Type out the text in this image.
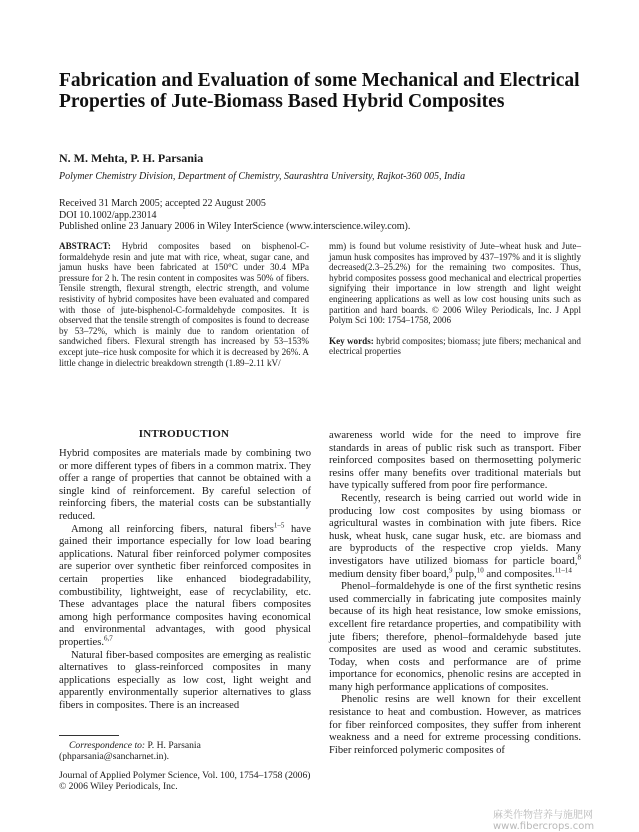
Fabrication and Evaluation of some Mechanical and Electrical Properties of Jute-Biomass Based Hybrid Composites
N. M. Mehta, P. H. Parsania
Polymer Chemistry Division, Department of Chemistry, Saurashtra University, Rajkot-360 005, India
Received 31 March 2005; accepted 22 August 2005
DOI 10.1002/app.23014
Published online 23 January 2006 in Wiley InterScience (www.interscience.wiley.com).
ABSTRACT: Hybrid composites based on bisphenol-C-formaldehyde resin and jute mat with rice, wheat, sugar cane, and jamun husks have been fabricated at 150°C under 30.4 MPa pressure for 2 h. The resin content in composites was 50% of fibers. Tensile strength, flexural strength, electric strength, and volume resistivity of hybrid composites have been evaluated and compared with those of jute-bisphenol-C-formaldehyde composites. It is observed that the tensile strength of composites is found to decrease by 53–72%, which is mainly due to random orientation of sandwiched fibers. Flexural strength has increased by 53–153% except jute–rice husk composite for which it is decreased by 26%. A little change in dielectric breakdown strength (1.89–2.11 kV/
mm) is found but volume resistivity of Jute–wheat husk and Jute–jamun husk composites has improved by 437–197% and it is slightly decreased(2.3–25.2%) for the remaining two composites. Thus, hybrid composites possess good mechanical and electrical properties signifying their importance in low strength and light weight engineering applications as well as low cost housing units such as partition and hard boards. © 2006 Wiley Periodicals, Inc. J Appl Polym Sci 100: 1754–1758, 2006
Key words: hybrid composites; biomass; jute fibers; mechanical and electrical properties
INTRODUCTION

Hybrid composites are materials made by combining two or more different types of fibers in a common matrix. They offer a range of properties that cannot be obtained with a single kind of reinforcement. By careful selection of reinforcing fibers, the material costs can be substantially reduced.

Among all reinforcing fibers, natural fibers$^{1-5}$ have gained their importance especially for low load bearing applications. Natural fiber reinforced polymer composites are superior over synthetic fiber reinforced composites in certain properties like enhanced biodegradability, combustibility, lightweight, ease of recyclability, etc. These advantages place the natural fibers composites among high performance composites having economical and environmental advantages, with good physical properties.$^{6,7}$

Natural fiber-based composites are emerging as realistic alternatives to glass-reinforced composites in many applications especially as low cost, light weight and apparently environmentally superior alternatives to glass fibers in composites. There is an increased

awareness world wide for the need to improve fire standards in areas of public risk such as transport. Fiber reinforced composites based on thermosetting polymeric resins offer many benefits over traditional materials but have typically suffered from poor fire performance.

Recently, research is being carried out world wide in producing low cost composites by using biomass or agricultural wastes in combination with jute fibers. Rice husk, wheat husk, cane sugar husk, etc. are biomass and are byproducts of the respective crop yields. Many investigators have utilized biomass for particle board,$^8$ medium density fiber board,$^9$ pulp,$^{10}$ and composites.$^{11-14}$

Phenol–formaldehyde is one of the first synthetic resins used commercially in fabricating jute composites mainly because of its high heat resistance, low smoke emissions, excellent fire retardance properties, and compatibility with jute fibers; therefore, phenol–formaldehyde based jute composites are used as wood and ceramic substitutes. Today, when costs and performance are of prime importance for economics, phenolic resins are accepted in many high performance applications of composites.

Phenolic resins are well known for their excellent resistance to heat and combustion. However, as matrices for fiber reinforced composites, they suffer from inherent weakness and a need for extreme processing conditions. Fiber reinforced polymeric composites of

Correspondence to: P. H. Parsania (phparsania@sancharnet.in).
Journal of Applied Polymer Science, Vol. 100, 1754–1758 (2006)
© 2006 Wiley Periodicals, Inc.
麻类作物营养与施肥网 www.fibercrops.com
